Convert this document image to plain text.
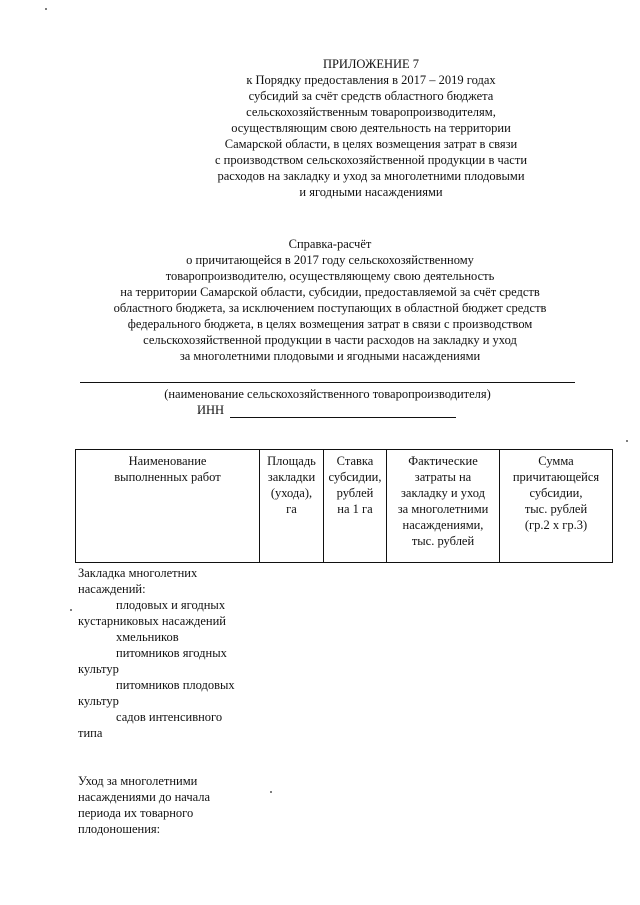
ПРИЛОЖЕНИЕ 7
к Порядку предоставления в 2017 – 2019 годах
субсидий за счёт средств областного бюджета
сельскохозяйственным товаропроизводителям,
осуществляющим свою деятельность на территории
Самарской области, в целях возмещения затрат в связи
с производством сельскохозяйственной продукции в части
расходов на закладку и уход за многолетними плодовыми
и ягодными насаждениями
Справка-расчёт
о причитающейся в 2017 году сельскохозяйственному
товаропроизводителю, осуществляющему свою деятельность
на территории Самарской области, субсидии, предоставляемой за счёт средств
областного бюджета, за исключением поступающих в областной бюджет средств
федерального бюджета, в целях возмещения затрат в связи с производством
сельскохозяйственной продукции в части расходов на закладку и уход
за многолетними плодовыми и ягодными насаждениями
(наименование сельскохозяйственного товаропроизводителя)
ИНН
Наименование
выполненных работ

Площадь
закладки
(ухода),
га

Ставка
субсидии,
рублей
на 1 га

Фактические
затраты на
закладку и уход
за многолетними
насаждениями,
тыс. рублей

Сумма
причитающейся
субсидии,
тыс. рублей
(гр.2 х гр.3)
Закладка многолетних
насаждений:
плодовых и ягодных
кустарниковых насаждений
хмельников
питомников ягодных
культур
питомников плодовых
культур
садов интенсивного
типа
Уход за многолетними
насаждениями до начала
периода их товарного
плодоношения:
